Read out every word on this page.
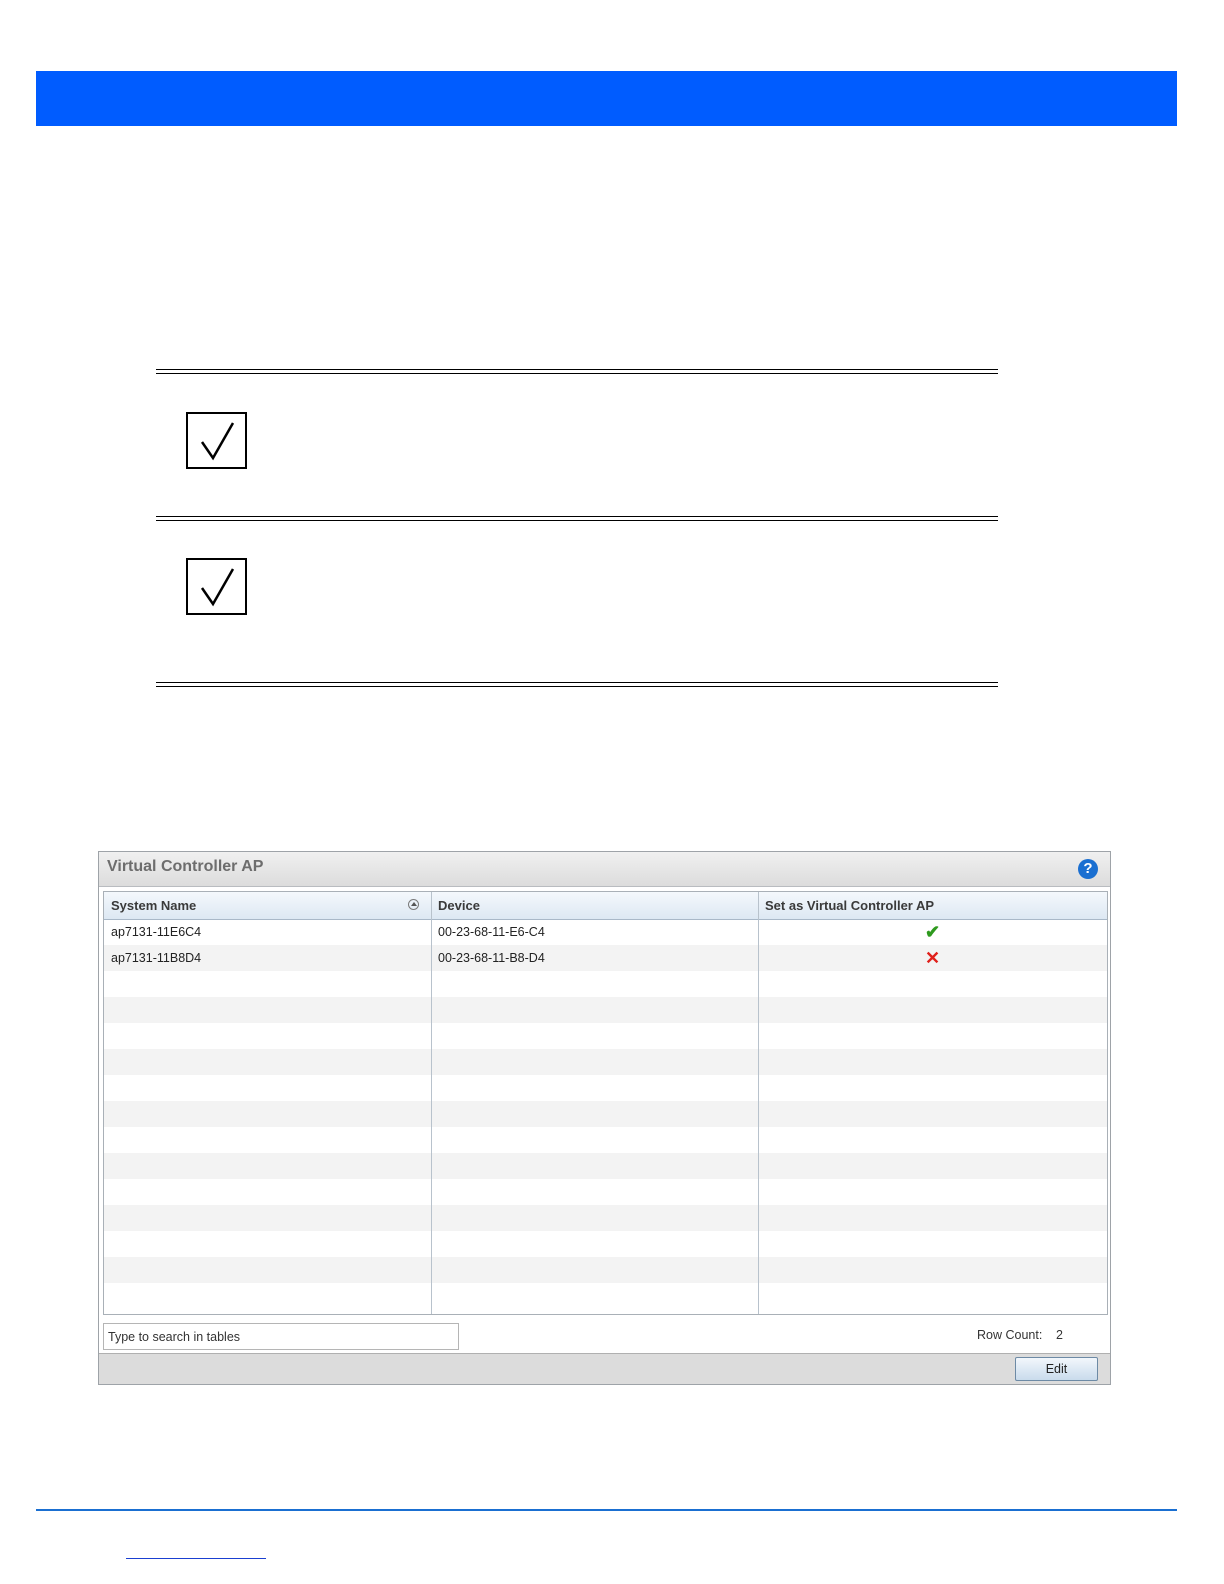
Virtual Controller AP	?
System Name	Device	Set as Virtual Controller AP
ap7131-11E6C4	00-23-68-11-E6-C4	✔
ap7131-11B8D4	00-23-68-11-B8-D4	✕
Type to search in tables
Row Count: 2
Edit
